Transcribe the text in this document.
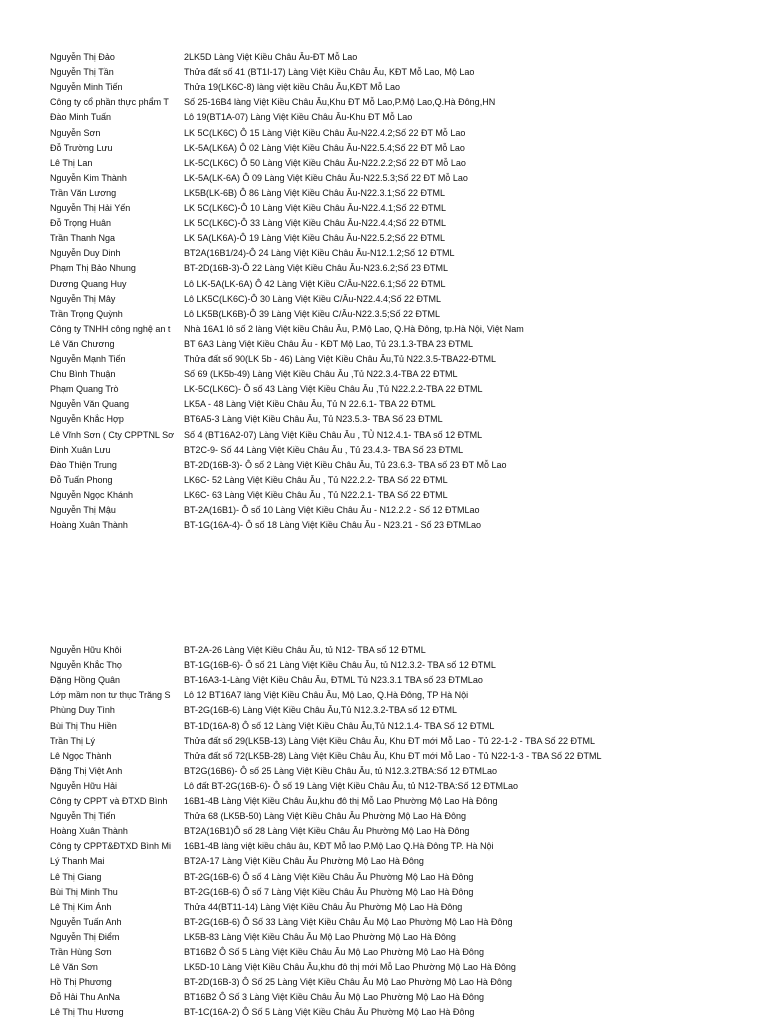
Nguyễn Thị Đảo	2LK5D Làng Việt Kiều Châu Âu-ĐT Mỗ Lao
Nguyễn Thị Tần	Thửa đất số 41 (BT1I-17) Làng Việt Kiều Châu Âu, KĐT Mỗ Lao, Mộ Lao
Nguyễn Minh Tiến	Thửa 19(LK6C-8) làng việt kiều Châu Âu,KĐT Mỗ Lao
Công ty cổ phần thực phẩm T	Số 25-16B4 làng Việt Kiều Châu Âu,Khu ĐT Mỗ Lao,P.Mộ Lao,Q.Hà Đông,HN
Đào Minh Tuấn	Lô 19(BT1A-07) Làng Việt Kiều Châu Âu-Khu ĐT Mỗ Lao
Nguyễn Sơn	LK 5C(LK6C) Ô 15 Làng Việt Kiều Châu Âu-N22.4.2;Số 22 ĐT Mỗ Lao
Đỗ Trường Lưu	LK-5A(LK6A) Ô 02 Làng Việt Kiều Châu Âu-N22.5.4;Số 22 ĐT Mỗ Lao
Lê Thị Lan	LK-5C(LK6C) Ô 50 Làng Việt Kiều Châu Âu-N22.2.2;Số 22 ĐT Mỗ Lao
Nguyễn Kim Thành	LK-5A(LK-6A) Ô 09 Làng Việt Kiều Châu Âu-N22.5.3;Số 22 ĐT Mỗ Lao
Trần Văn Lương	LK5B(LK-6B) Ô 86 Làng Việt Kiều Châu Âu-N22.3.1;Số 22 ĐTML
Nguyễn Thị Hải Yến	LK 5C(LK6C)-Ô 10 Làng Việt Kiều Châu Âu-N22.4.1;Số 22 ĐTML
Đỗ Trọng Huân	LK 5C(LK6C)-Ô 33 Làng Việt Kiều Châu Âu-N22.4.4;Số 22 ĐTML
Trần Thanh Nga	LK 5A(LK6A)-Ô 19 Làng Việt Kiều Châu Âu-N22.5.2;Số 22 ĐTML
Nguyễn Duy Dinh	BT2A(16B1/24)-Ô 24 Làng Việt Kiều Châu Âu-N12.1.2;Số 12 ĐTML
Phạm Thị Bảo Nhung	BT-2D(16B-3)-Ô 22 Làng Việt Kiều Châu Âu-N23.6.2;Số 23 ĐTML
Dương Quang Huy	Lô LK-5A(LK-6A) Ô 42 Làng Việt Kiều C/Âu-N22.6.1;Số 22 ĐTML
Nguyễn Thị Mây	Lô LK5C(LK6C)-Ô 30 Làng Việt Kiều C/Âu-N22.4.4;Số 22 ĐTML
Trần Trọng Quỳnh	Lô LK5B(LK6B)-Ô 39 Làng Việt Kiều C/Âu-N22.3.5;Số 22 ĐTML
Công ty TNHH công nghệ an t	Nhà 16A1 lô số 2 làng Việt kiều Châu Âu, P.Mộ Lao, Q.Hà Đông, tp.Hà Nội, Việt Nam
Lê Văn Chương	BT 6A3 Làng Việt Kiều Châu Âu - KĐT Mộ Lao, Tủ 23.1.3-TBA 23 ĐTML
Nguyễn Mạnh Tiến	Thửa đất số 90(LK 5b - 46) Làng Việt Kiều Châu Âu,Tủ N22.3.5-TBA22-ĐTML
Chu Bình Thuận	Số 69 (LK5b-49) Làng Việt Kiều Châu Âu ,Tủ N22.3.4-TBA 22 ĐTML
Phạm Quang Trò	LK-5C(LK6C)- Ô số 43 Làng Việt Kiều Châu Âu ,Tủ N22.2.2-TBA 22 ĐTML
Nguyễn Văn Quang	LK5A - 48 Làng Việt Kiều Châu Âu, Tủ N 22.6.1- TBA 22 ĐTML
Nguyễn Khắc Hợp	BT6A5-3 Làng Việt Kiều Châu Âu, Tủ N23.5.3- TBA Số 23 ĐTML
Lê Vĩnh Sơn ( Cty CPPTNL Sơ	Số 4 (BT16A2-07) Làng Việt Kiều Châu Âu , TỦ N12.4.1- TBA số 12 ĐTML
Đinh Xuân Lưu	BT2C-9- Số 44 Làng Việt Kiều Châu Âu , Tủ 23.4.3- TBA Số 23 ĐTML
Đào Thiện Trung	BT-2D(16B-3)- Ô số 2 Làng Việt Kiều Châu Âu, Tủ 23.6.3- TBA số 23 ĐT Mỗ Lao
Đỗ Tuấn Phong	LK6C- 52 Làng Việt Kiều Châu Âu , Tủ N22.2.2- TBA Số 22 ĐTML
Nguyễn Ngọc Khánh	LK6C- 63 Làng Việt Kiều Châu Âu , Tủ N22.2.1- TBA Số 22 ĐTML
Nguyễn Thị Mậu	BT-2A(16B1)- Ô số 10 Làng Việt Kiều Châu Âu - N12.2.2 - Số 12 ĐTMLao
Hoàng Xuân Thành	BT-1G(16A-4)- Ô số 18 Làng Việt Kiều Châu Âu - N23.21 - Số 23 ĐTMLao
Nguyễn Hữu Khôi	BT-2A-26 Làng Việt Kiều Châu Âu, tủ N12- TBA số 12 ĐTML
Nguyễn Khắc Thọ	BT-1G(16B-6)- Ô số 21 Làng Việt Kiều Châu Âu, tủ N12.3.2- TBA số 12 ĐTML
Đặng Hồng Quân	BT-16A3-1-Làng Việt Kiều Châu Âu, ĐTML Tủ N23.3.1 TBA số 23 ĐTMLao
Lớp mầm non tư thục Trăng S	Lô 12 BT16A7 làng Việt Kiều Châu Âu, Mộ Lao, Q.Hà Đông, TP Hà Nội
Phùng Duy Tình	BT-2G(16B-6) Làng Việt Kiều Châu Âu,Tủ N12.3.2-TBA số 12 ĐTML
Bùi Thị Thu Hiền	BT-1D(16A-8) Ô số 12 Làng Việt Kiều Châu Âu,Tủ N12.1.4- TBA Số 12 ĐTML
Trần Thị Lý	Thửa đất số 29(LK5B-13) Làng Việt Kiều Châu Âu, Khu ĐT mới Mỗ Lao - Tủ 22-1-2 - TBA Số 22 ĐTML
Lê Ngọc Thành	Thửa đất số 72(LK5B-28) Làng Việt Kiều Châu Âu, Khu ĐT mới Mỗ Lao - Tủ N22-1-3 - TBA Số 22 ĐTML
Đặng Thị Việt Anh	BT2G(16B6)- Ô số 25 Làng Việt Kiều Châu Âu, tủ N12.3.2TBA:Số 12 ĐTMLao
Nguyễn Hữu Hải	Lô đất BT-2G(16B-6)- Ô số 19 Làng Việt Kiều Châu Âu, tủ N12-TBA:Số 12 ĐTMLao
Công ty CPPT và ĐTXD Bình	16B1-4B Làng Việt Kiều Châu Âu,khu đô thị Mỗ Lao Phường Mộ Lao Hà Đông
Nguyễn Thị Tiến	Thửa 68 (LK5B-50) Làng Việt Kiều Châu Âu Phường Mộ Lao Hà Đông
Hoàng Xuân Thành	BT2A(16B1)Ô số 28 Làng Việt Kiều Châu Âu Phường Mộ Lao Hà Đông
Công ty CPPT&ĐTXD Bình Mi	16B1-4B làng việt kiều châu âu, KĐT Mỗ lao P.Mộ Lao Q.Hà Đông TP. Hà Nội
Lý Thanh Mai	BT2A-17 Làng Việt Kiều Châu Âu Phường Mộ Lao Hà Đông
Lê Thị Giang	BT-2G(16B-6) Ô số 4 Làng Việt Kiều Châu Âu Phường Mộ Lao Hà Đông
Bùi Thị Minh Thu	BT-2G(16B-6) Ô số 7 Làng Việt Kiều Châu Âu Phường Mộ Lao Hà Đông
Lê Thị Kim Ánh	Thửa 44(BT11-14) Làng Việt Kiều Châu Âu Phường Mộ Lao Hà Đông
Nguyễn Tuấn Anh	BT-2G(16B-6) Ô Số 33 Làng Việt Kiều Châu Âu Mộ Lao Phường Mộ Lao Hà Đông
Nguyễn Thị Điểm	LK5B-83 Làng Việt Kiều Châu Âu Mộ Lao Phường Mộ Lao Hà Đông
Trần Hùng Sơn	BT16B2 Ô Số 5 Làng Việt Kiều Châu Âu Mộ Lao Phường Mộ Lao Hà Đông
Lê Văn Sơn	LK5D-10 Làng Việt Kiều Châu Âu,khu đô thị mới Mỗ Lao Phường Mộ Lao Hà Đông
Hồ Thị Phương	BT-2D(16B-3) Ô Số 25 Làng Việt Kiều Châu Âu Mộ Lao Phường Mộ Lao Hà Đông
Đỗ Hải Thu AnNa	BT16B2 Ô Số 3 Làng Việt Kiều Châu Âu Mộ Lao Phường Mộ Lao Hà Đông
Lê Thị Thu Hương	BT-1C(16A-2) Ô Số 5 Làng Việt Kiều Châu Âu Phường Mộ Lao Hà Đông
